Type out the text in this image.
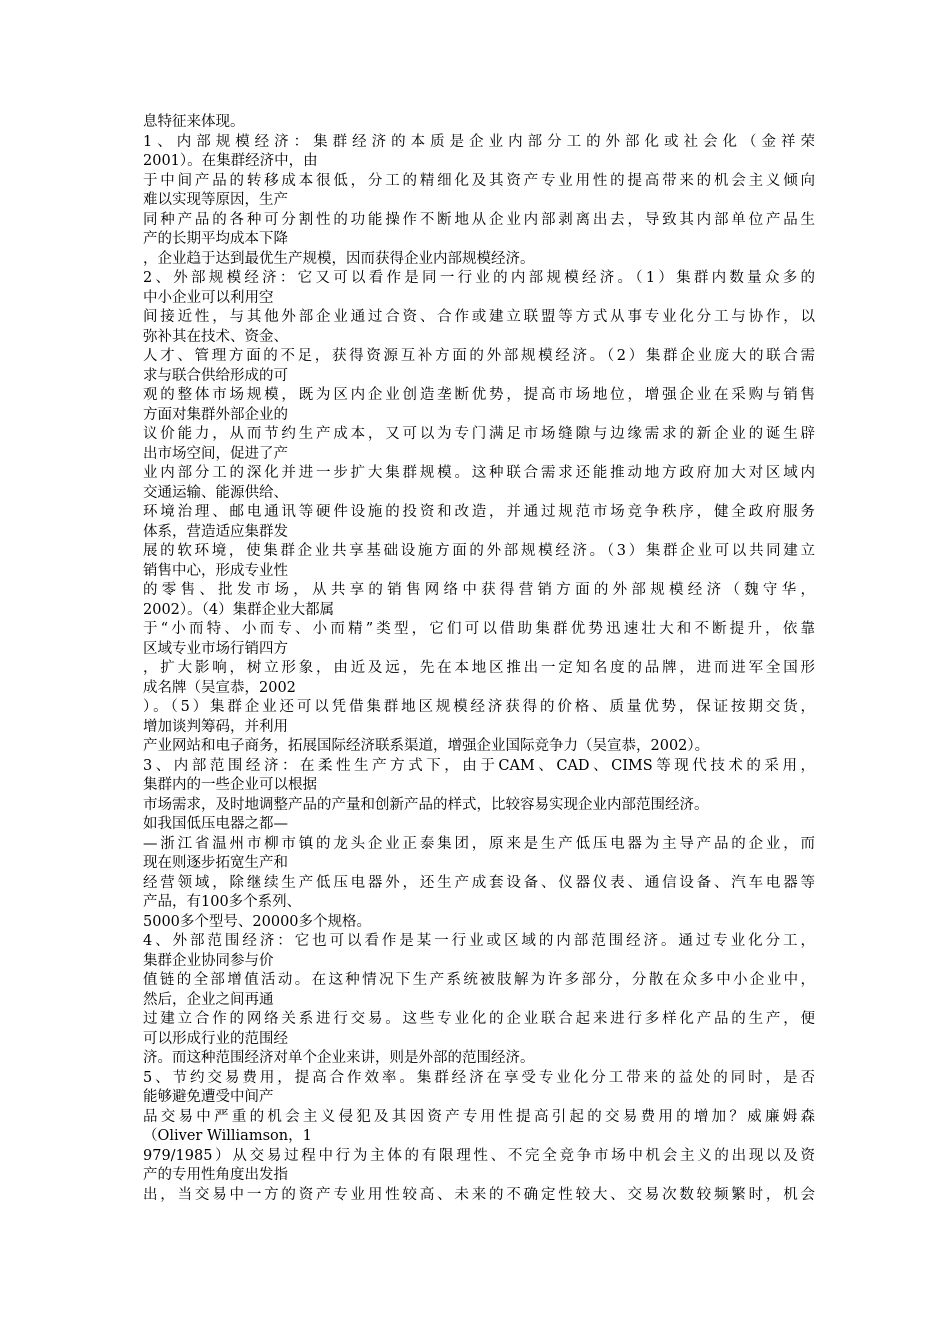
息特征来体现。
1、内部规模经济：集群经济的本质是企业内部分工的外部化或社会化（金祥荣
2001）。在集群经济中，由
于中间产品的转移成本很低，分工的精细化及其资产专业用性的提高带来的机会主义倾向
难以实现等原因，生产
同种产品的各种可分割性的功能操作不断地从企业内部剥离出去，导致其内部单位产品生
产的长期平均成本下降
，企业趋于达到最优生产规模，因而获得企业内部规模经济。
2、外部规模经济：它又可以看作是同一行业的内部规模经济。（1）集群内数量众多的
中小企业可以利用空
间接近性，与其他外部企业通过合资、合作或建立联盟等方式从事专业化分工与协作，以
弥补其在技术、资金、
人才、管理方面的不足，获得资源互补方面的外部规模经济。（2）集群企业庞大的联合需
求与联合供给形成的可
观的整体市场规模，既为区内企业创造垄断优势，提高市场地位，增强企业在采购与销售
方面对集群外部企业的
议价能力，从而节约生产成本，又可以为专门满足市场缝隙与边缘需求的新企业的诞生辟
出市场空间，促进了产
业内部分工的深化并进一步扩大集群规模。这种联合需求还能推动地方政府加大对区域内
交通运输、能源供给、
环境治理、邮电通讯等硬件设施的投资和改造，并通过规范市场竞争秩序，健全政府服务
体系，营造适应集群发
展的软环境，使集群企业共享基础设施方面的外部规模经济。（3）集群企业可以共同建立
销售中心，形成专业性
的零售、批发市场，从共享的销售网络中获得营销方面的外部规模经济（魏守华，
2002）。（4）集群企业大都属
于“小而特、小而专、小而精”类型，它们可以借助集群优势迅速壮大和不断提升，依靠
区域专业市场行销四方
，扩大影响，树立形象，由近及远，先在本地区推出一定知名度的品牌，进而进军全国形
成名牌（吴宣恭，2002
）。（5）集群企业还可以凭借集群地区规模经济获得的价格、质量优势，保证按期交货，
增加谈判筹码，并利用
产业网站和电子商务，拓展国际经济联系渠道，增强企业国际竞争力（吴宣恭，2002）。
3、内部范围经济：在柔性生产方式下，由于CAM、CAD、CIMS等现代技术的采用，
集群内的一些企业可以根据
市场需求，及时地调整产品的产量和创新产品的样式，比较容易实现企业内部范围经济。
如我国低压电器之都—
—浙江省温州市柳市镇的龙头企业正泰集团，原来是生产低压电器为主导产品的企业，而
现在则逐步拓宽生产和
经营领域，除继续生产低压电器外，还生产成套设备、仪器仪表、通信设备、汽车电器等
产品，有100多个系列、
5000多个型号、20000多个规格。
4、外部范围经济：它也可以看作是某一行业或区域的内部范围经济。通过专业化分工，
集群企业协同参与价
值链的全部增值活动。在这种情况下生产系统被肢解为许多部分，分散在众多中小企业中，
然后，企业之间再通
过建立合作的网络关系进行交易。这些专业化的企业联合起来进行多样化产品的生产，便
可以形成行业的范围经
济。而这种范围经济对单个企业来讲，则是外部的范围经济。
5、节约交易费用，提高合作效率。集群经济在享受专业化分工带来的益处的同时，是否
能够避免遭受中间产
品交易中严重的机会主义侵犯及其因资产专用性提高引起的交易费用的增加？威廉姆森
（Oliver Williamson，1
979/1985）从交易过程中行为主体的有限理性、不完全竞争市场中机会主义的出现以及资
产的专用性角度出发指
出，当交易中一方的资产专业用性较高、未来的不确定性较大、交易次数较频繁时，机会
